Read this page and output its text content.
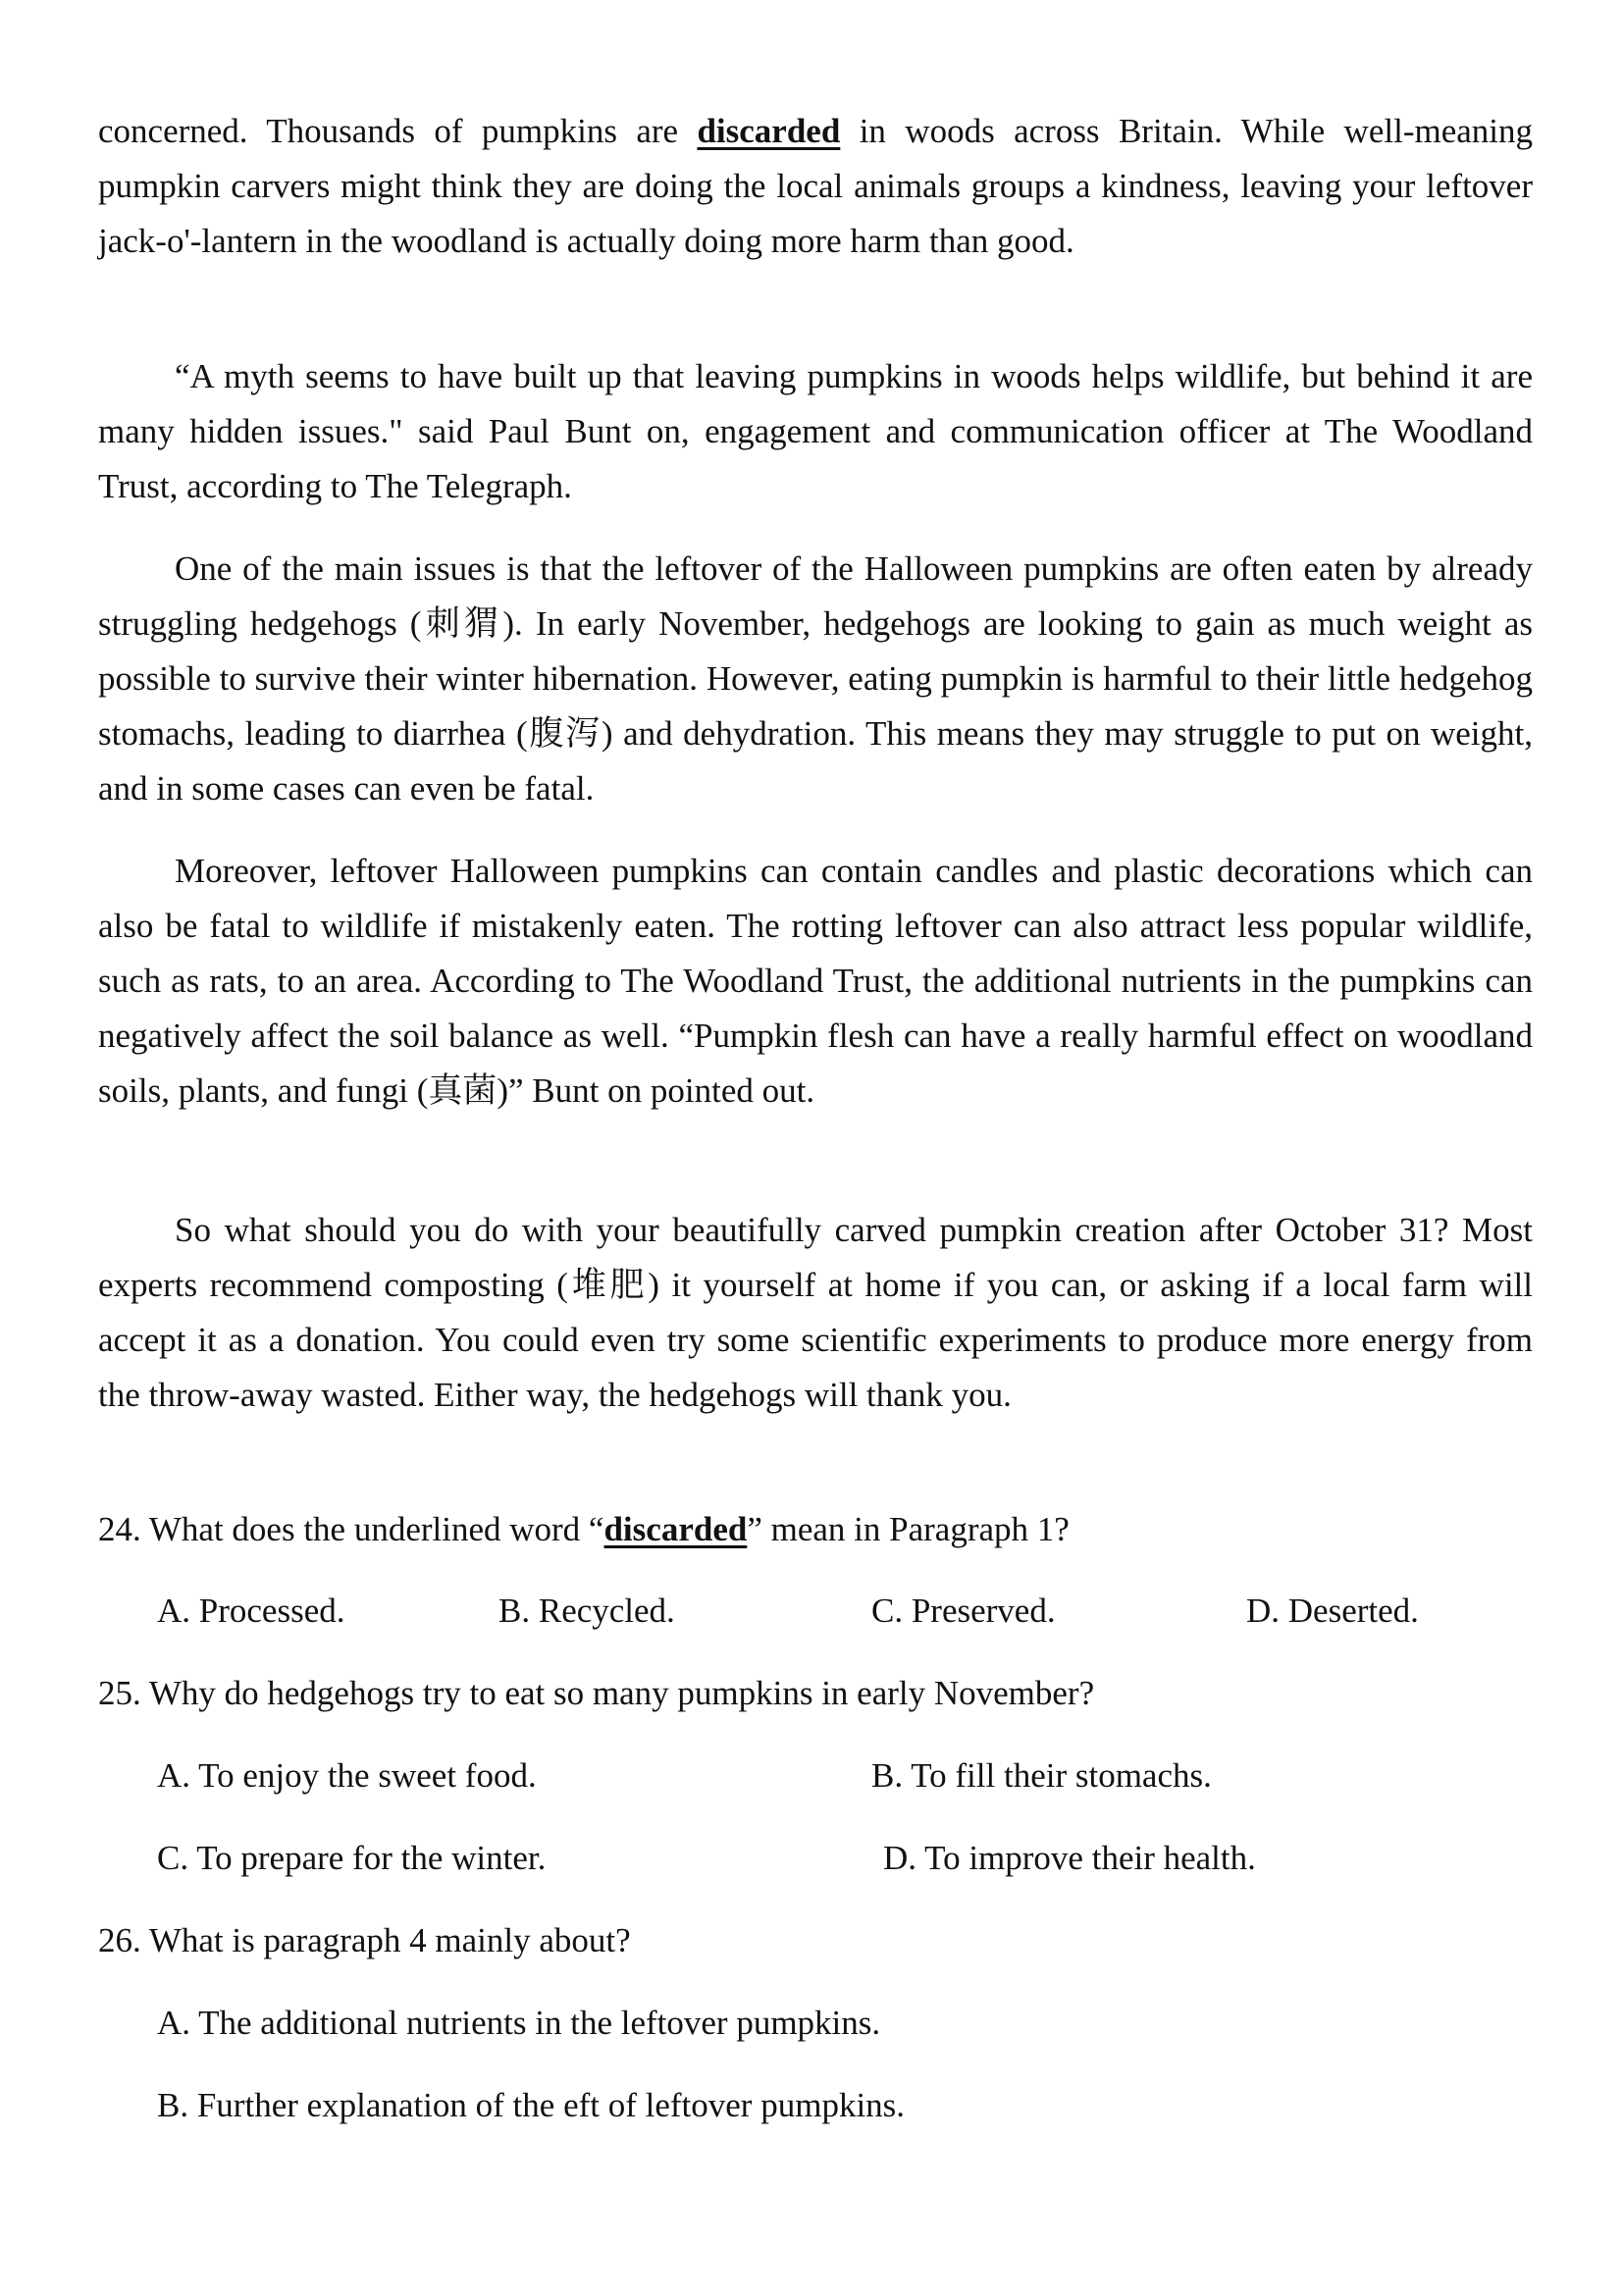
concerned. Thousands of pumpkins are discarded in woods across Britain. While well-meaning pumpkin carvers might think they are doing the local animals groups a kindness, leaving your leftover jack-o'-lantern in the woodland is actually doing more harm than good.

“A myth seems to have built up that leaving pumpkins in woods helps wildlife, but behind it are many hidden issues." said Paul Bunt on, engagement and communication officer at The Woodland Trust, according to The Telegraph.

One of the main issues is that the leftover of the Halloween pumpkins are often eaten by already struggling hedgehogs (刺猬). In early November, hedgehogs are looking to gain as much weight as possible to survive their winter hibernation. However, eating pumpkin is harmful to their little hedgehog stomachs, leading to diarrhea (腹泻) and dehydration. This means they may struggle to put on weight, and in some cases can even be fatal.

Moreover, leftover Halloween pumpkins can contain candles and plastic decorations which can also be fatal to wildlife if mistakenly eaten. The rotting leftover can also attract less popular wildlife, such as rats, to an area. According to The Woodland Trust, the additional nutrients in the pumpkins can negatively affect the soil balance as well. “Pumpkin flesh can have a really harmful effect on woodland soils, plants, and fungi (真菌)” Bunt on pointed out.

So what should you do with your beautifully carved pumpkin creation after October 31? Most experts recommend composting (堆肥) it yourself at home if you can, or asking if a local farm will accept it as a donation. You could even try some scientific experiments to produce more energy from the throw-away wasted. Either way, the hedgehogs will thank you.

24. What does the underlined word “discarded” mean in Paragraph 1?

A. Processed.	B. Recycled.	C. Preserved.	D. Deserted.

25. Why do hedgehogs try to eat so many pumpkins in early November?

A. To enjoy the sweet food.	B. To fill their stomachs.

C. To prepare for the winter.	D. To improve their health.

26. What is paragraph 4 mainly about?

A. The additional nutrients in the leftover pumpkins.

B. Further explanation of the eft of leftover pumpkins.
